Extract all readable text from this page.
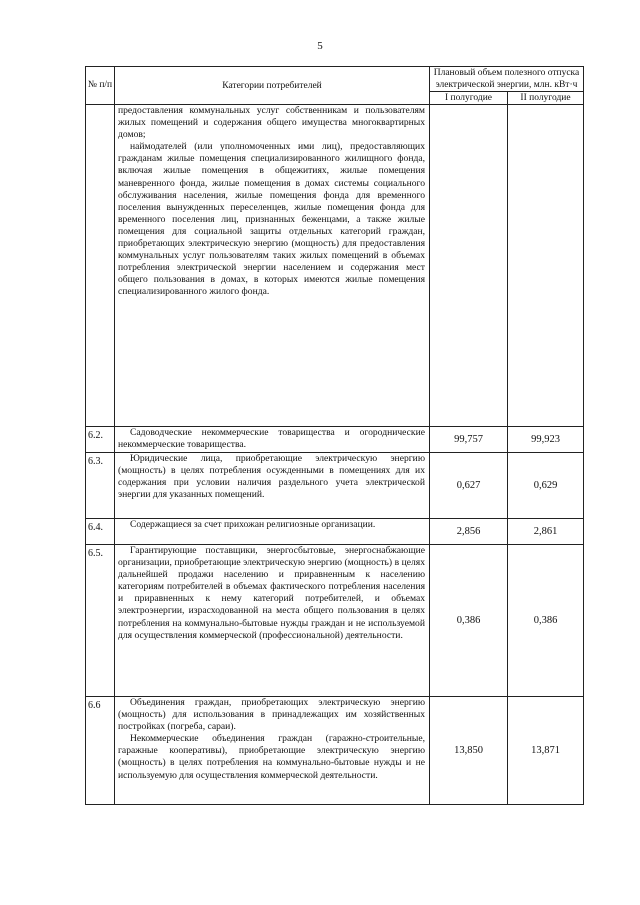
5
№ п/п	Категории потребителей	Плановый объем полезного отпуска электрической энергии, млн. кВт·ч	
		I полугодие	II полугодие

	предоставления коммунальных услуг собственникам и пользователям жилых помещений и содержания общего имущества многоквартирных домов;

наймодателей (или уполномоченных ими лиц), предоставляющих гражданам жилые помещения специализированного жилищного фонда, включая жилые помещения в общежитиях, жилые помещения маневренного фонда, жилые помещения в домах системы социального обслуживания населения, жилые помещения фонда для временного поселения вынужденных переселенцев, жилые помещения фонда для временного поселения лиц, признанных беженцами, а также жилые помещения для социальной защиты отдельных категорий граждан, приобретающих электрическую энергию (мощность) для предоставления коммунальных услуг пользователям таких жилых помещений в объемах потребления электрической энергии населением и содержания мест общего пользования в домах, в которых имеются жилые помещения специализированного жилого фонда.		

6.2.	Садоводческие некоммерческие товарищества и огороднические некоммерческие товарищества.	99,757	99,923
6.3.	Юридические лица, приобретающие электрическую энергию (мощность) в целях потребления осужденными в помещениях для их содержания при условии наличия раздельного учета электрической энергии для указанных помещений.	0,627	0,629
6.4.	Содержащиеся за счет прихожан религиозные организации.	2,856	2,861
6.5.	Гарантирующие поставщики, энергосбытовые, энергоснабжающие организации, приобретающие электрическую энергию (мощность) в целях дальнейшей продажи населению и приравненным к населению категориям потребителей в объемах фактического потребления населения и приравненных к нему категорий потребителей, и объемах электроэнергии, израсходованной на места общего пользования в целях потребления на коммунально-бытовые нужды граждан и не используемой для осуществления коммерческой (профессиональной) деятельности.	0,386	0,386
6.6	Объединения граждан, приобретающих электрическую энергию (мощность) для использования в принадлежащих им хозяйственных постройках (погреба, сараи).

Некоммерческие объединения граждан (гаражно-строительные, гаражные кооперативы), приобретающие электрическую энергию (мощность) в целях потребления на коммунально-бытовые нужды и не используемую для осуществления коммерческой деятельности.	13,850	13,871
